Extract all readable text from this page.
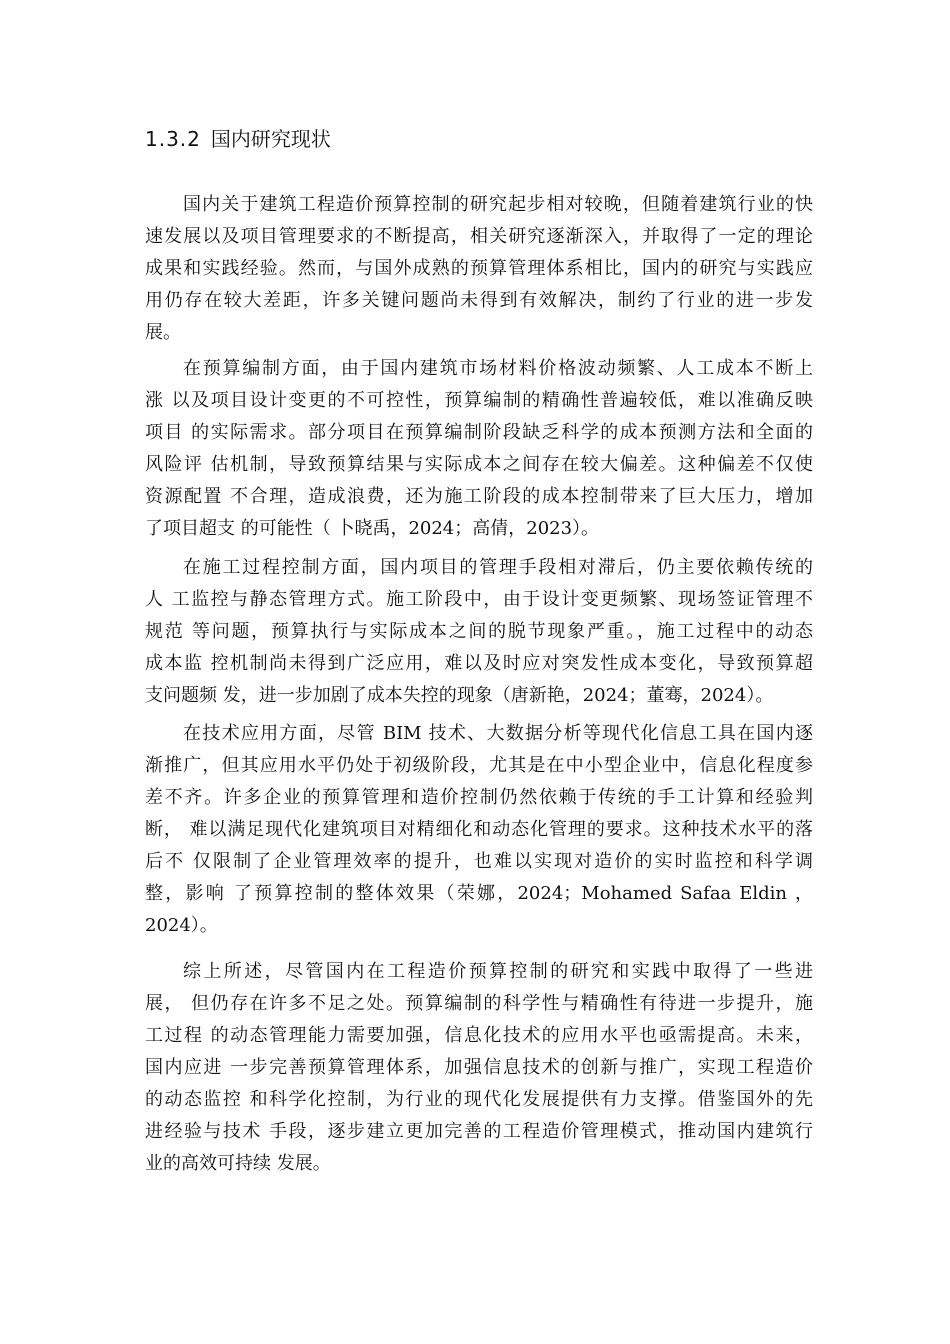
1.3.2 国内研究现状
国内关于建筑工程造价预算控制的研究起步相对较晚，但随着建筑行业的快
速发展以及项目管理要求的不断提高，相关研究逐渐深入，并取得了一定的理论
成果和实践经验。然而，与国外成熟的预算管理体系相比，国内的研究与实践应
用仍存在较大差距，许多关键问题尚未得到有效解决，制约了行业的进一步发
展。
在预算编制方面，由于国内建筑市场材料价格波动频繁、人工成本不断上
涨 以及项目设计变更的不可控性，预算编制的精确性普遍较低，难以准确反映
项目 的实际需求。部分项目在预算编制阶段缺乏科学的成本预测方法和全面的
风险评 估机制，导致预算结果与实际成本之间存在较大偏差。这种偏差不仅使
资源配置 不合理，造成浪费，还为施工阶段的成本控制带来了巨大压力，增加
了项目超支 的可能性（ 卜晓禹，2024；高倩，2023）。
在施工过程控制方面，国内项目的管理手段相对滞后，仍主要依赖传统的
人 工监控与静态管理方式。施工阶段中，由于设计变更频繁、现场签证管理不
规范 等问题，预算执行与实际成本之间的脱节现象严重。，施工过程中的动态
成本监 控机制尚未得到广泛应用，难以及时应对突发性成本变化，导致预算超
支问题频 发，进一步加剧了成本失控的现象（唐新艳，2024；董骞，2024）。
在技术应用方面，尽管 BIM 技术、大数据分析等现代化信息工具在国内逐
渐推广，但其应用水平仍处于初级阶段，尤其是在中小型企业中，信息化程度参
差不齐。许多企业的预算管理和造价控制仍然依赖于传统的手工计算和经验判
断， 难以满足现代化建筑项目对精细化和动态化管理的要求。这种技术水平的落
后不 仅限制了企业管理效率的提升，也难以实现对造价的实时监控和科学调
整，影响 了预算控制的整体效果（荣娜，2024；Mohamed Safaa Eldin ，
2024）。
综上所述，尽管国内在工程造价预算控制的研究和实践中取得了一些进
展， 但仍存在许多不足之处。预算编制的科学性与精确性有待进一步提升，施
工过程 的动态管理能力需要加强，信息化技术的应用水平也亟需提高。未来，
国内应进 一步完善预算管理体系，加强信息技术的创新与推广，实现工程造价
的动态监控 和科学化控制，为行业的现代化发展提供有力支撑。借鉴国外的先
进经验与技术 手段，逐步建立更加完善的工程造价管理模式，推动国内建筑行
业的高效可持续 发展。
